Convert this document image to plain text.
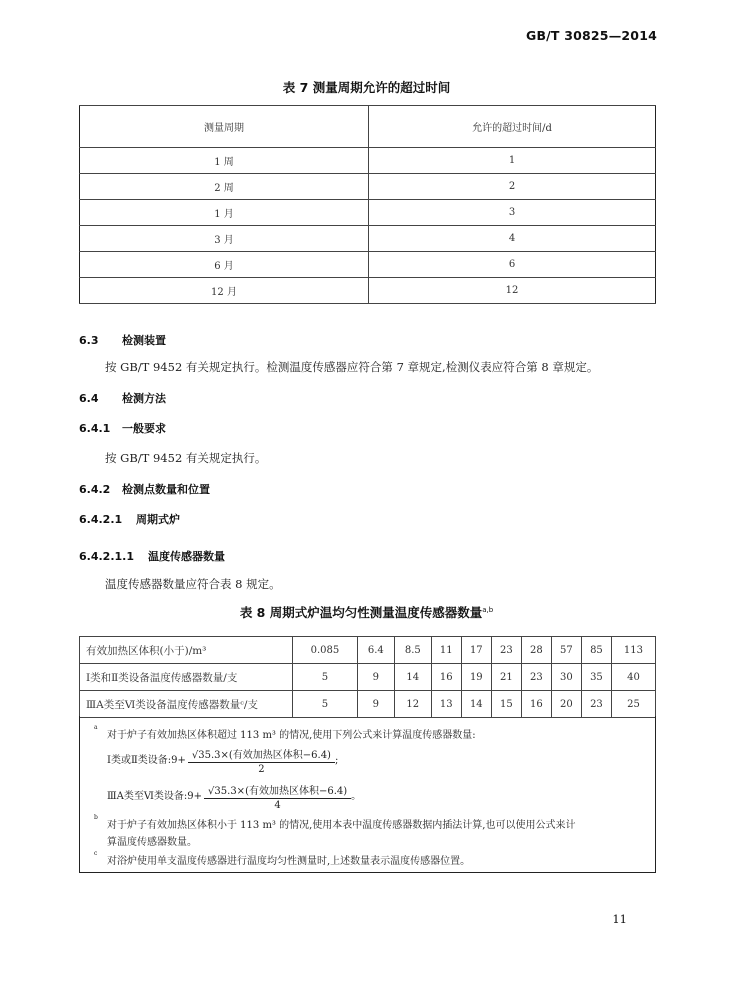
GB/T 30825—2014
表 7 测量周期允许的超过时间
测量周期	允许的超过时间/d
1 周	1
2 周	2
1 月	3
3 月	4
6 月	6
12 月	12
6.3 检测装置
按 GB/T 9452 有关规定执行。检测温度传感器应符合第 7 章规定,检测仪表应符合第 8 章规定。
6.4 检测方法
6.4.1 一般要求
按 GB/T 9452 有关规定执行。
6.4.2 检测点数量和位置
6.4.2.1 周期式炉
6.4.2.1.1 温度传感器数量
温度传感器数量应符合表 8 规定。
表 8 周期式炉温均匀性测量温度传感器数量$^{a,b}$
有效加热区体积(小于)/m³	0.085	6.4	8.5	11	17	23	28	57	85	113
Ⅰ类和Ⅱ类设备温度传感器数量/支	5	9	14	16	19	21	23	30	35	40
ⅢA类至Ⅵ类设备温度传感器数量ᶜ/支	5	9	12	13	14	15	16	20	23	25
a
对于炉子有效加热区体积超过 113 m³ 的情况,使用下列公式来计算温度传感器数量:
Ⅰ类或Ⅱ类设备:9+ $\frac{\text{√35.3×(有效加热区体积−6.4)}}{2}$ ;
ⅢA类至Ⅵ类设备:9+ $\frac{\text{√35.3×(有效加热区体积−6.4)}}{4}$ 。
b
对于炉子有效加热区体积小于 113 m³ 的情况,使用本表中温度传感器数据内插法计算,也可以使用公式来计
算温度传感器数量。
c
对浴炉使用单支温度传感器进行温度均匀性测量时,上述数量表示温度传感器位置。
11
